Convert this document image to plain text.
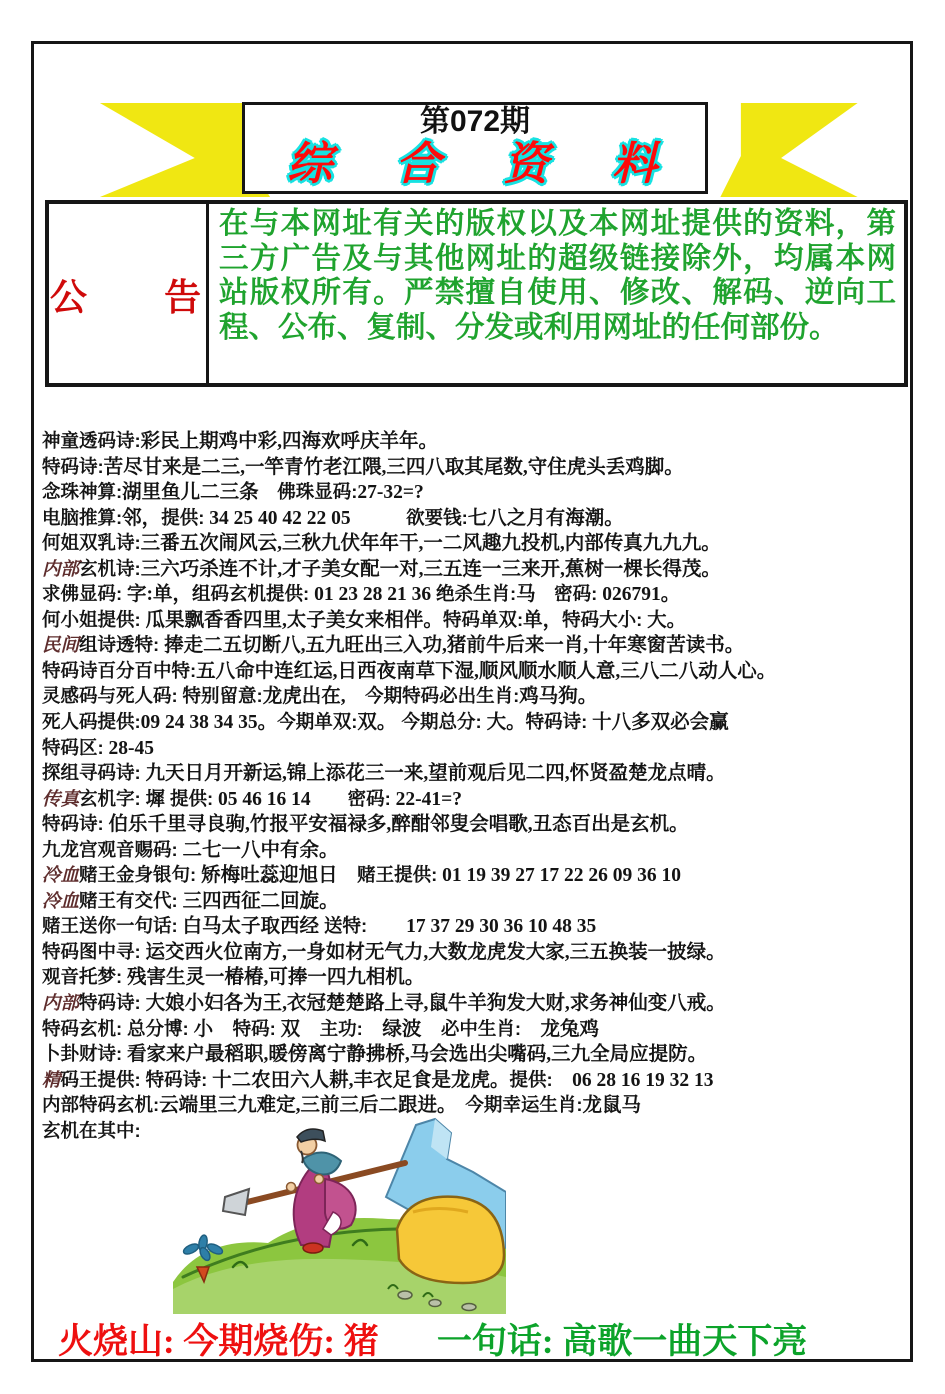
第072期
综 合 资 料
公 告
在与本网址有关的版权以及本网址提供的资料，第三方广告及与其他网址的超级链接除外，均属本网站版权所有。严禁擅自使用、修改、解码、逆向工程、公布、复制、分发或利用网址的任何部份。
神童透码诗:彩民上期鸡中彩,四海欢呼庆羊年。
特码诗:苦尽甘来是二三,一竿青竹老江隈,三四八取其尾数,守住虎头丢鸡脚。
念珠神算:湖里鱼儿二三条　佛珠显码:27-32=?
电脑推算:邻，提供: 34 25 40 42 22 05　　　欲要钱:七八之月有海潮。
何姐双乳诗:三番五次闹风云,三秋九伏年年干,一二风趣九投机,内部传真九九九。
内部玄机诗:三六巧杀连不计,才子美女配一对,三五连一三来开,蕉树一棵长得茂。
求佛显码: 字:单，组码玄机提供: 01 23 28 21 36 绝杀生肖:马　密码: 026791。
何小姐提供: 瓜果飘香香四里,太子美女来相伴。特码单双:单，特码大小: 大。
民间组诗透特: 捧走二五切断八,五九旺出三入功,猪前牛后来一肖,十年寒窗苦读书。
特码诗百分百中特:五八命中连红运,日西夜南草下湿,顺风顺水顺人意,三八二八动人心。
灵感码与死人码: 特别留意:龙虎出在,　今期特码必出生肖:鸡马狗。
死人码提供:09 24 38 34 35。今期单双:双。 今期总分: 大。特码诗: 十八多双必会赢
特码区: 28-45
探组寻码诗: 九天日月开新运,锦上添花三一来,望前观后见二四,怀贤盈楚龙点晴。
传真玄机字: 墀 提供: 05 46 16 14　　密码: 22-41=?
特码诗: 伯乐千里寻良驹,竹报平安福禄多,醉酣邻叟会唱歌,丑态百出是玄机。
九龙宫观音赐码: 二七一八中有余。
冷血赌王金身银句: 矫梅吐蕊迎旭日　赌王提供: 01 19 39 27 17 22 26 09 36 10
冷血赌王有交代: 三四西征二回旋。
赌王送你一句话: 白马太子取西经 送特:　　17 37 29 30 36 10 48 35
特码图中寻: 运交西火位南方,一身如材无气力,大数龙虎发大家,三五换装一披绿。
观音托梦: 残害生灵一椿椿,可捧一四九相机。
内部特码诗: 大娘小妇各为王,衣冠楚楚路上寻,鼠牛羊狗发大财,求务神仙变八戒。
特码玄机: 总分博: 小　特码: 双　主功:　绿波　必中生肖:　龙兔鸡
卜卦财诗: 看家来户最稻职,暖傍离宁静拂桥,马会选出尖嘴码,三九全局应提防。
精码王提供: 特码诗: 十二农田六人耕,丰衣足食是龙虎。提供:　06 28 16 19 32 13
内部特码玄机:云端里三九难定,三前三后二跟进。　今期幸运生肖:龙鼠马
玄机在其中:
火烧山: 今期烧伤: 猪 一句话: 高歌一曲天下亮
